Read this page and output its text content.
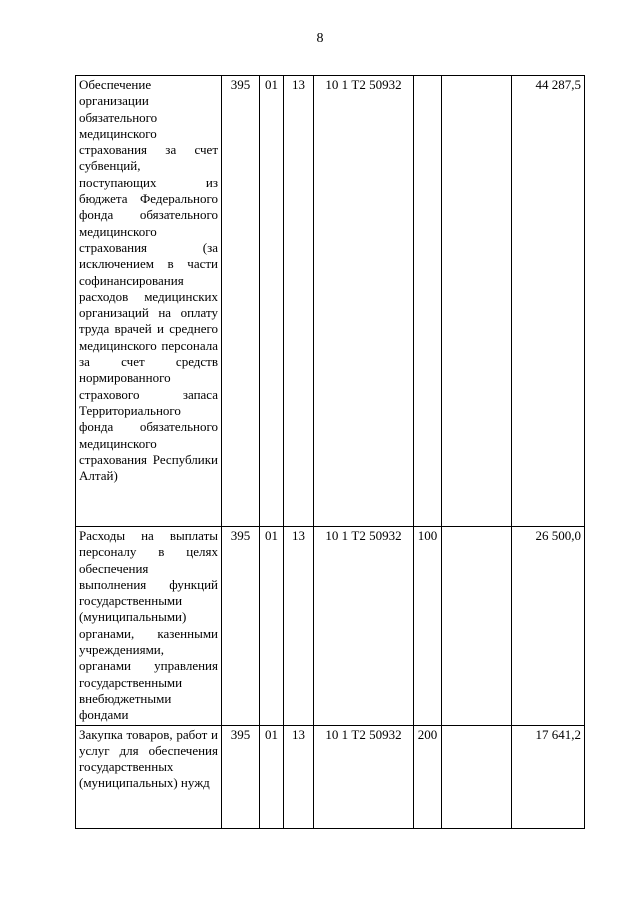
8
Обеспечение организации обязательного медицинского страхования за счет субвенций, поступающих из бюджета Федерального фонда обязательного медицинского страхования (за исключением в части софинансирования расходов медицинских организаций на оплату труда врачей и среднего медицинского персонала за счет средств нормированного страхового запаса Территориального фонда обязательного медицинского страхования Республики Алтай)	395	01	13	10 1 Т2 50932			44 287,5
Расходы на выплаты персоналу в целях обеспечения выполнения функций государственными (муниципальными) органами, казенными учреждениями, органами управления государственными внебюджетными фондами	395	01	13	10 1 Т2 50932	100		26 500,0
Закупка товаров, работ и услуг для обеспечения государственных (муниципальных) нужд	395	01	13	10 1 Т2 50932	200		17 641,2
